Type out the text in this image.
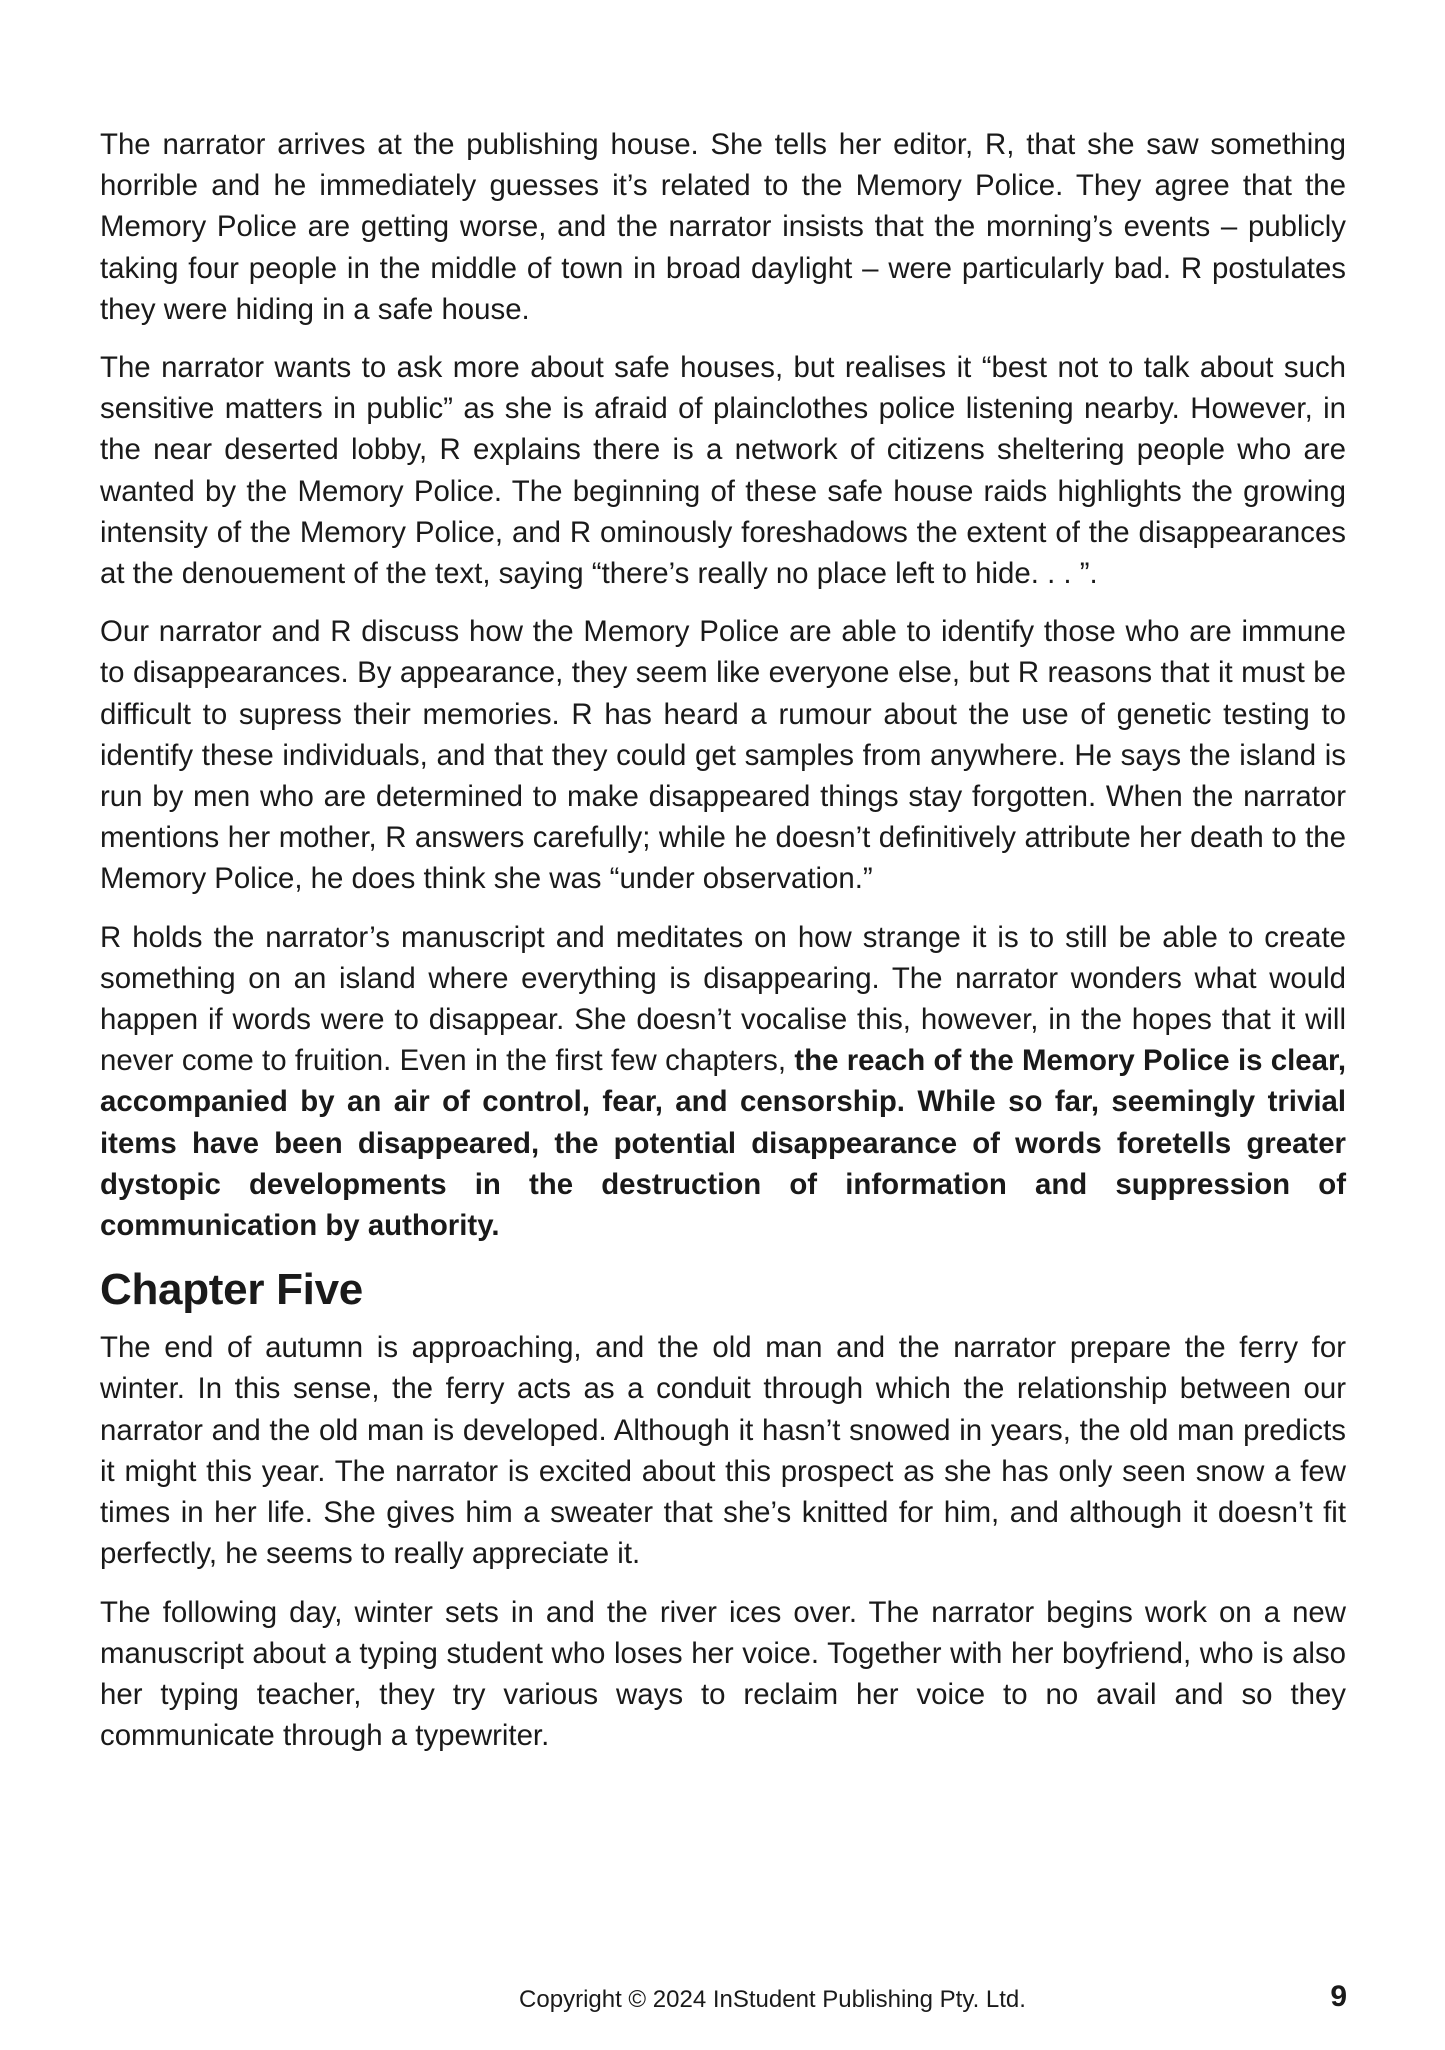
The narrator arrives at the publishing house. She tells her editor, R, that she saw something horrible and he immediately guesses it’s related to the Memory Police. They agree that the Memory Police are getting worse, and the narrator insists that the morning’s events – publicly taking four people in the middle of town in broad daylight – were particularly bad. R postulates they were hiding in a safe house.

The narrator wants to ask more about safe houses, but realises it “best not to talk about such sensitive matters in public” as she is afraid of plainclothes police listening nearby. However, in the near deserted lobby, R explains there is a network of citizens sheltering people who are wanted by the Memory Police. The beginning of these safe house raids highlights the growing intensity of the Memory Police, and R ominously foreshadows the extent of the disappearances at the denouement of the text, saying “there’s really no place left to hide. . . ”.

Our narrator and R discuss how the Memory Police are able to identify those who are immune to disappearances. By appearance, they seem like everyone else, but R reasons that it must be difficult to supress their memories. R has heard a rumour about the use of genetic testing to identify these individuals, and that they could get samples from anywhere. He says the island is run by men who are determined to make disappeared things stay forgotten. When the narrator mentions her mother, R answers carefully; while he doesn’t definitively attribute her death to the Memory Police, he does think she was “under observation.”

R holds the narrator’s manuscript and meditates on how strange it is to still be able to create something on an island where everything is disappearing. The narrator wonders what would happen if words were to disappear. She doesn’t vocalise this, however, in the hopes that it will never come to fruition. Even in the first few chapters, the reach of the Memory Police is clear, accompanied by an air of control, fear, and censorship. While so far, seemingly trivial items have been disappeared, the potential disappearance of words foretells greater dystopic developments in the destruction of information and suppression of communication by authority.

Chapter Five

The end of autumn is approaching, and the old man and the narrator prepare the ferry for winter. In this sense, the ferry acts as a conduit through which the relationship between our narrator and the old man is developed. Although it hasn’t snowed in years, the old man predicts it might this year. The narrator is excited about this prospect as she has only seen snow a few times in her life. She gives him a sweater that she’s knitted for him, and although it doesn’t fit perfectly, he seems to really appreciate it.

The following day, winter sets in and the river ices over. The narrator begins work on a new manuscript about a typing student who loses her voice. Together with her boyfriend, who is also her typing teacher, they try various ways to reclaim her voice to no avail and so they communicate through a typewriter.

Copyright © 2024 InStudent Publishing Pty. Ltd.	9
